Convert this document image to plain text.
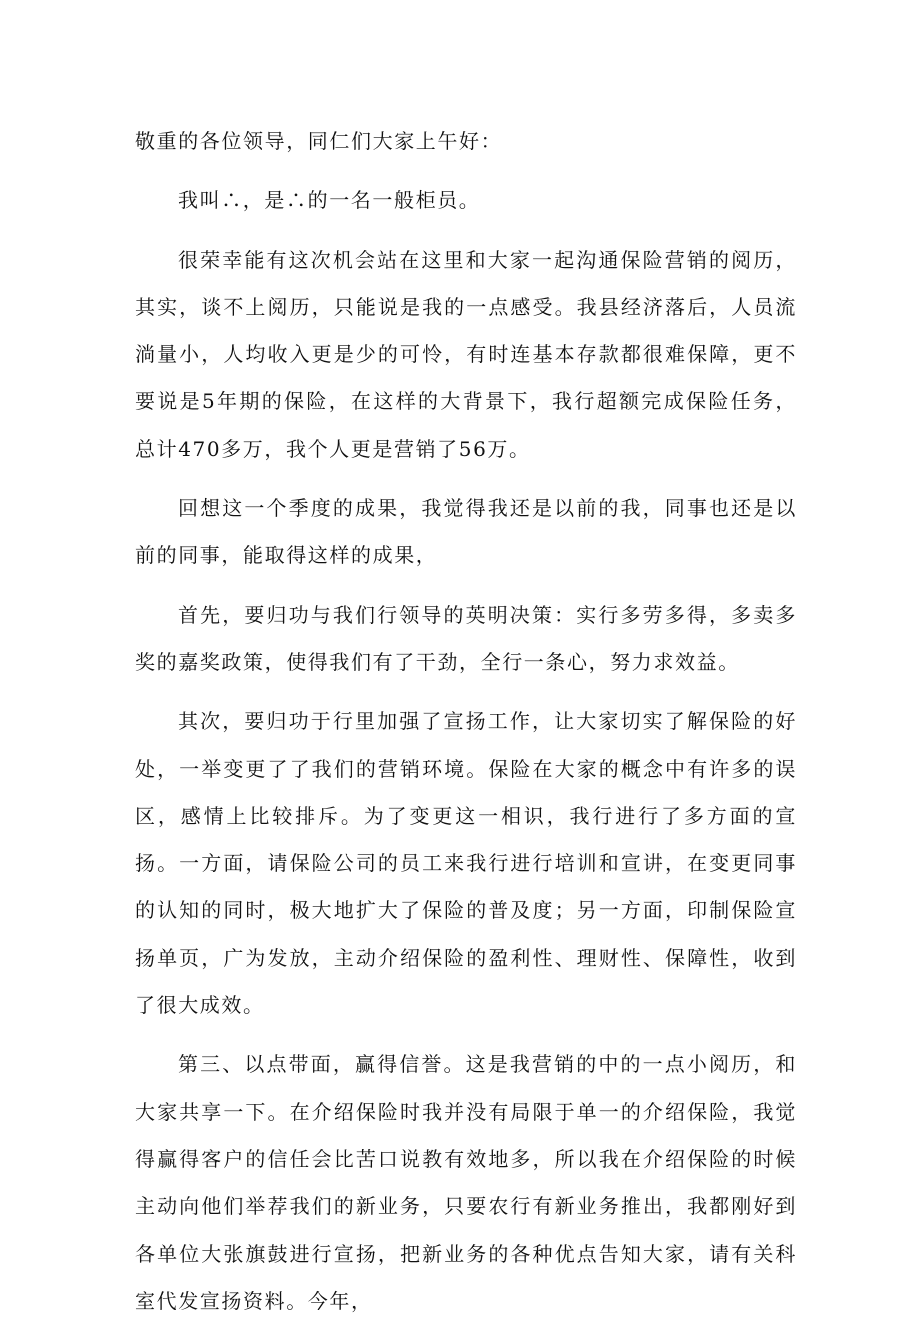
敬重的各位领导，同仁们大家上午好：

我叫∴，是∴的一名一般柜员。

很荣幸能有这次机会站在这里和大家一起沟通保险营销的阅历，其实，谈不上阅历，只能说是我的一点感受。我县经济落后，人员流淌量小，人均收入更是少的可怜，有时连基本存款都很难保障，更不要说是5年期的保险，在这样的大背景下，我行超额完成保险任务，总计470多万，我个人更是营销了56万。

回想这一个季度的成果，我觉得我还是以前的我，同事也还是以前的同事，能取得这样的成果，

首先，要归功与我们行领导的英明决策：实行多劳多得，多卖多奖的嘉奖政策，使得我们有了干劲，全行一条心，努力求效益。

其次，要归功于行里加强了宣扬工作，让大家切实了解保险的好处，一举变更了了我们的营销环境。保险在大家的概念中有许多的误区，感情上比较排斥。为了变更这一相识，我行进行了多方面的宣扬。一方面，请保险公司的员工来我行进行培训和宣讲，在变更同事的认知的同时，极大地扩大了保险的普及度；另一方面，印制保险宣扬单页，广为发放，主动介绍保险的盈利性、理财性、保障性，收到了很大成效。

第三、以点带面，赢得信誉。这是我营销的中的一点小阅历，和大家共享一下。在介绍保险时我并没有局限于单一的介绍保险，我觉得赢得客户的信任会比苦口说教有效地多，所以我在介绍保险的时候主动向他们举荐我们的新业务，只要农行有新业务推出，我都刚好到各单位大张旗鼓进行宣扬，把新业务的各种优点告知大家，请有关科室代发宣扬资料。今年，
